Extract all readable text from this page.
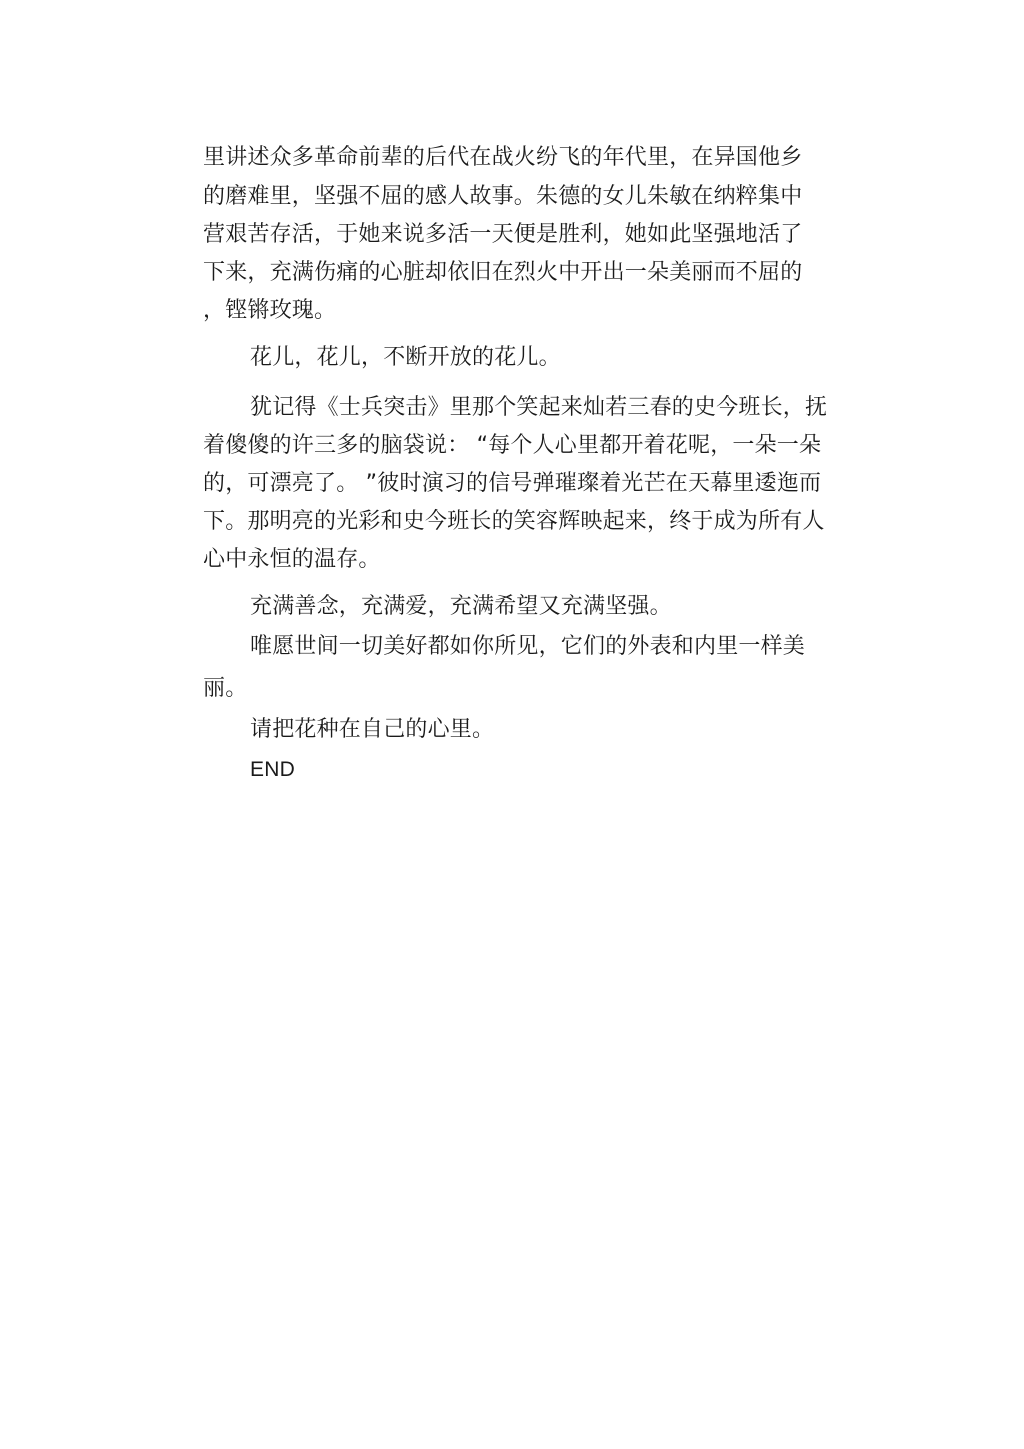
里讲述众多革命前辈的后代在战火纷飞的年代里，在异国他乡
的磨难里，坚强不屈的感人故事。朱德的女儿朱敏在纳粹集中
营艰苦存活，于她来说多活一天便是胜利，她如此坚强地活了
下来，充满伤痛的心脏却依旧在烈火中开出一朵美丽而不屈的
，铿锵玫瑰。
花儿，花儿，不断开放的花儿。
犹记得《士兵突击》里那个笑起来灿若三春的史今班长，抚
着傻傻的许三多的脑袋说： “每个人心里都开着花呢，一朵一朵
的，可漂亮了。 ”彼时演习的信号弹璀璨着光芒在天幕里逶迤而
下。那明亮的光彩和史今班长的笑容辉映起来，终于成为所有人
心中永恒的温存。
充满善念，充满爱，充满希望又充满坚强。
唯愿世间一切美好都如你所见，它们的外表和内里一样美
丽。
请把花种在自己的心里。
END
